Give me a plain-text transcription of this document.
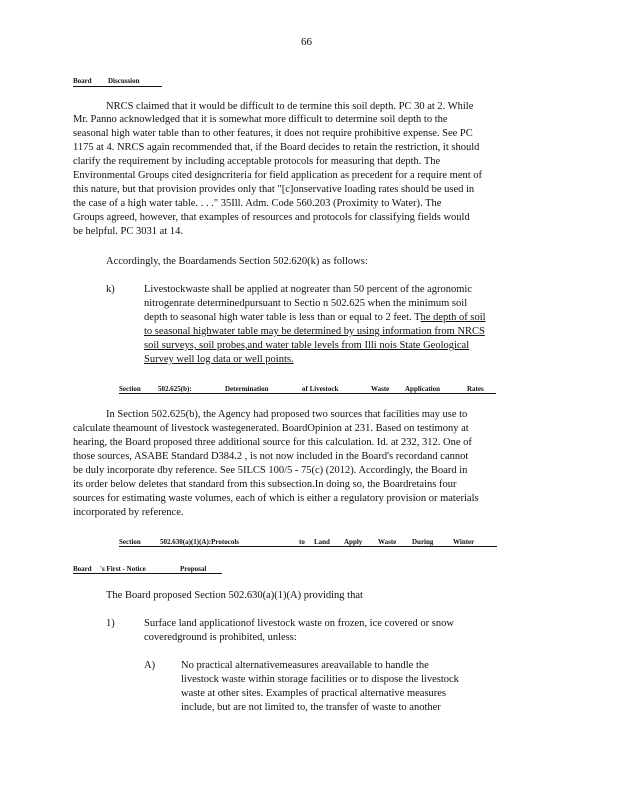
66
Board Discussion
NRCS claimed that it would be difficult to de termine this soil depth. PC 30 at 2. While
Mr. Panno acknowledged that it is somewhat more difficult to determine soil depth to the
seasonal high water table than to other features, it does not require prohibitive expense. See PC
1175 at 4. NRCS again recommended that, if the Board decides to retain the restriction, it should
clarify the requirement by including acceptable protocols for measuring that depth. The
Environmental Groups cited designcriteria for field application as precedent for a require ment of
this nature, but that provision provides only that "[c]onservative loading rates should be used in
the case of a high water table. . . ." 35Ill. Adm. Code 560.203 (Proximity to Water). The
Groups agreed, however, that examples of resources and protocols for classifying fields would
be helpful. PC 3031 at 14.
Accordingly, the Boardamends Section 502.620(k) as follows:
k)	Livestockwaste shall be applied at nogreater than 50 percent of the agronomic
nitrogenrate determinedpursuant to Sectio n 502.625 when the minimum soil
depth to seasonal high water table is less than or equal to 2 feet. The depth of soil
to seasonal highwater table may be determined by using information from NRCS
soil surveys, soil probes,and water table levels from Illi nois State Geological
Survey well log data or well points.
Section 502.625(b):	Determination	of Livestock	Waste Application	Rates
In Section 502.625(b), the Agency had proposed two sources that facilities may use to
calculate theamount of livestock wastegenerated. BoardOpinion at 231. Based on testimony at
hearing, the Board proposed three additional source for this calculation. Id. at 232, 312. One of
those sources, ASABE Standard D384.2 , is not now included in the Board's recordand cannot
be duly incorporate dby reference. See 5ILCS 100/5 - 75(c) (2012). Accordingly, the Board in
its order below deletes that standard from this subsection.In doing so, the Boardretains four
sources for estimating waste volumes, each of which is either a regulatory provision or materials
incorporated by reference.
Section	502.630(a)(1)(A):Protocols	to Land Apply Waste During	Winter
Board 's First - Notice	Proposal
The Board proposed Section 502.630(a)(1)(A) providing that
1)	Surface land applicationof livestock waste on frozen, ice covered or snow
coveredground is prohibited, unless:
A) No practical alternativemeasures areavailable to handle the
livestock waste within storage facilities or to dispose the livestock
waste at other sites. Examples of practical alternative measures
include, but are not limited to, the transfer of waste to another
